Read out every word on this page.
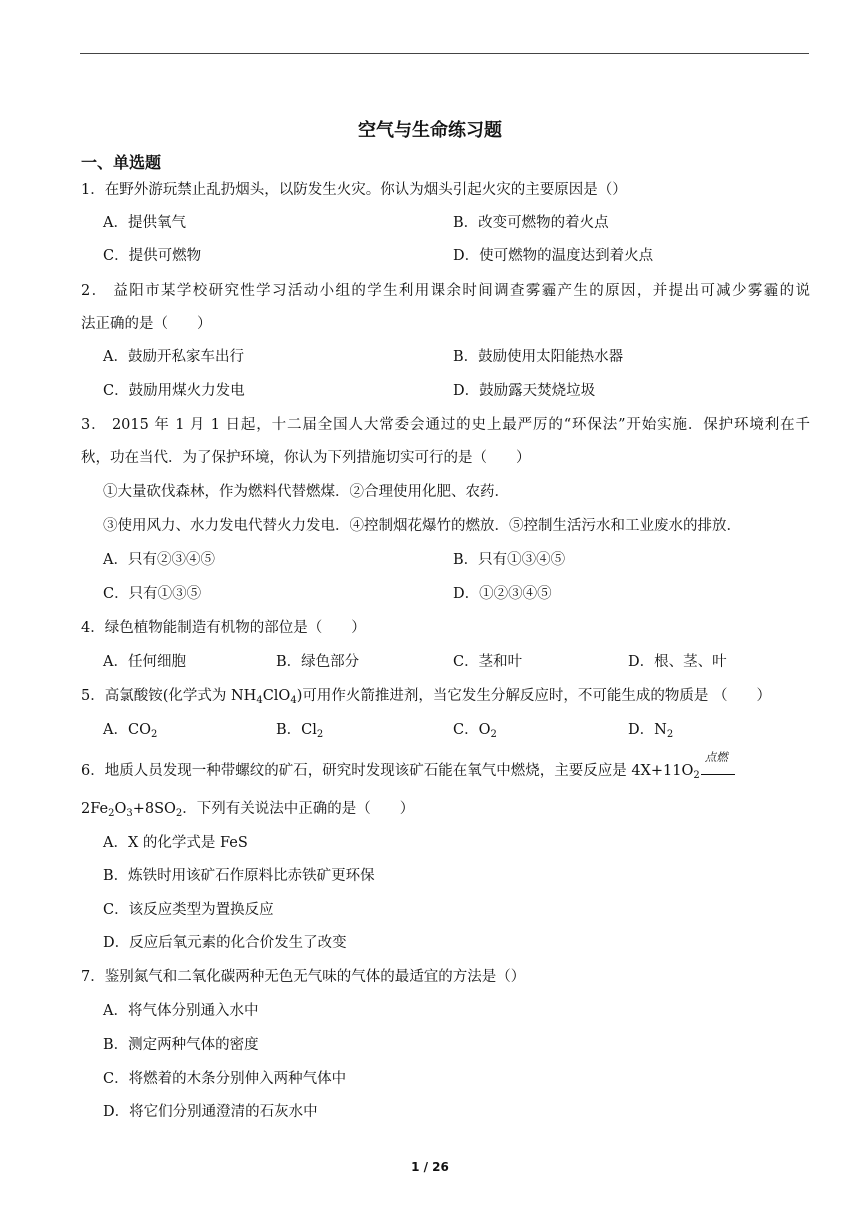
空气与生命练习题
一、单选题
1．在野外游玩禁止乱扔烟头，以防发生火灾。你认为烟头引起火灾的主要原因是（）
A．提供氧气	B．改变可燃物的着火点
C．提供可燃物	D．使可燃物的温度达到着火点
2． 益阳市某学校研究性学习活动小组的学生利用课余时间调查雾霾产生的原因，并提出可减少雾霾的说
法正确的是（　　）
A．鼓励开私家车出行	B．鼓励使用太阳能热水器
C．鼓励用煤火力发电	D．鼓励露天焚烧垃圾
3． 2015 年 1 月 1 日起，十二届全国人大常委会通过的史上最严厉的“环保法”开始实施．保护环境利在千
秋，功在当代．为了保护环境，你认为下列措施切实可行的是（　　）
①大量砍伐森林，作为燃料代替燃煤．②合理使用化肥、农药．
③使用风力、水力发电代替火力发电．④控制烟花爆竹的燃放．⑤控制生活污水和工业废水的排放．
A．只有②③④⑤	B．只有①③④⑤
C．只有①③⑤	D．①②③④⑤
4．绿色植物能制造有机物的部位是（　　）
A．任何细胞	B．绿色部分	C．茎和叶	D．根、茎、叶
5．高氯酸铵(化学式为 $NH_4ClO_4$)可用作火箭推进剂，当它发生分解反应时，不可能生成的物质是 （　　）
A．$CO_2$	B．$Cl_2$	C．$O_2$	D．$N_2$
6．地质人员发现一种带螺纹的矿石，研究时发现该矿石能在氧气中燃烧，主要反应是 $4X+11O_2$
点燃
$2Fe_2O_3+8SO_2$．下列有关说法中正确的是（　　）
A．X 的化学式是 FeS
B．炼铁时用该矿石作原料比赤铁矿更环保
C．该反应类型为置换反应
D．反应后氧元素的化合价发生了改变
7．鉴别氮气和二氧化碳两种无色无气味的气体的最适宜的方法是（）
A．将气体分别通入水中
B．测定两种气体的密度
C．将燃着的木条分别伸入两种气体中
D．将它们分别通澄清的石灰水中
1 / 26
